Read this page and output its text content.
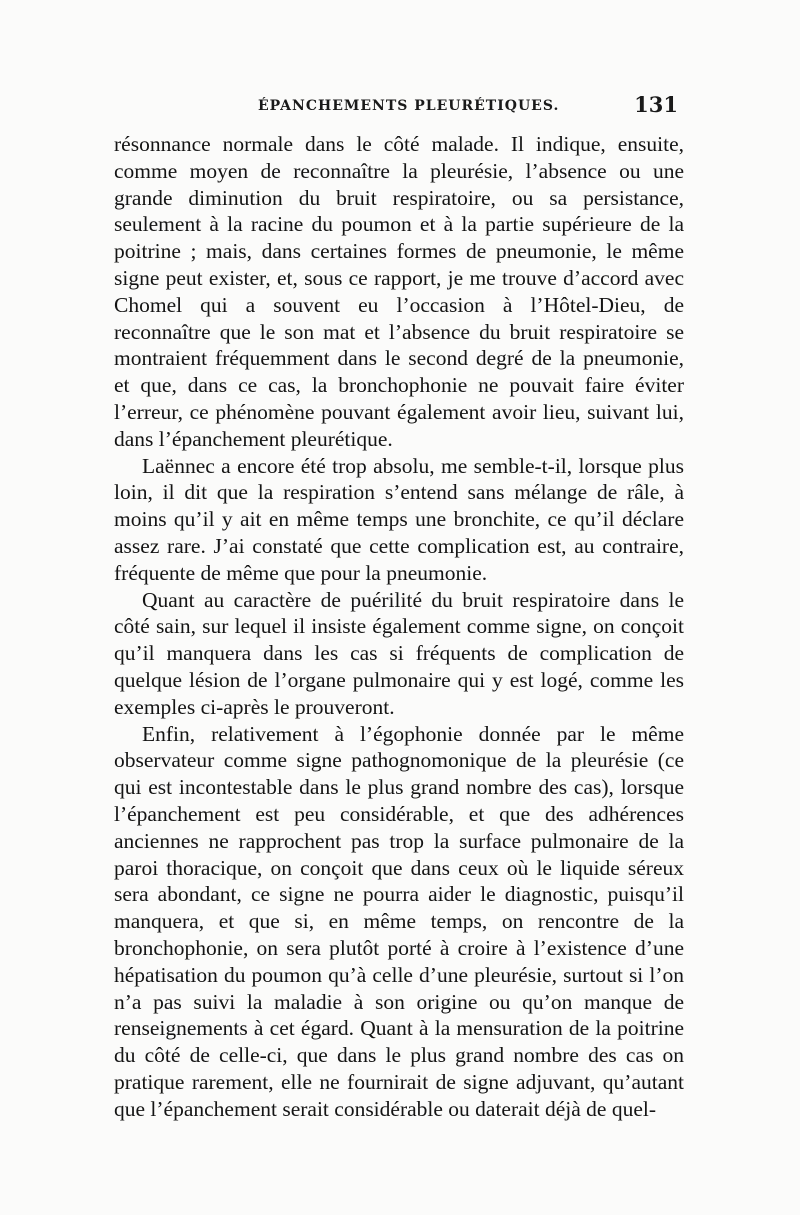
ÉPANCHEMENTS PLEURÉTIQUES.	131

résonnance normale dans le côté malade. Il indique, ensuite, comme moyen de reconnaître la pleurésie, l’absence ou une grande diminution du bruit respiratoire, ou sa persistance, seulement à la racine du poumon et à la partie supérieure de la poitrine ; mais, dans certaines formes de pneumonie, le même signe peut exister, et, sous ce rapport, je me trouve d’accord avec Chomel qui a souvent eu l’occasion à l’Hôtel-Dieu, de reconnaître que le son mat et l’absence du bruit respiratoire se montraient fréquemment dans le second degré de la pneumonie, et que, dans ce cas, la bronchophonie ne pouvait faire éviter l’erreur, ce phénomène pouvant également avoir lieu, suivant lui, dans l’épanchement pleurétique.

Laënnec a encore été trop absolu, me semble-t-il, lorsque plus loin, il dit que la respiration s’entend sans mélange de râle, à moins qu’il y ait en même temps une bronchite, ce qu’il déclare assez rare. J’ai constaté que cette complication est, au contraire, fréquente de même que pour la pneumonie.

Quant au caractère de puérilité du bruit respiratoire dans le côté sain, sur lequel il insiste également comme signe, on conçoit qu’il manquera dans les cas si fréquents de complication de quelque lésion de l’organe pulmonaire qui y est logé, comme les exemples ci-après le prouveront.

Enfin, relativement à l’égophonie donnée par le même observateur comme signe pathognomonique de la pleurésie (ce qui est incontestable dans le plus grand nombre des cas), lorsque l’épanchement est peu considérable, et que des adhérences anciennes ne rapprochent pas trop la surface pulmonaire de la paroi thoracique, on conçoit que dans ceux où le liquide séreux sera abondant, ce signe ne pourra aider le diagnostic, puisqu’il manquera, et que si, en même temps, on rencontre de la bronchophonie, on sera plutôt porté à croire à l’existence d’une hépatisation du poumon qu’à celle d’une pleurésie, surtout si l’on n’a pas suivi la maladie à son origine ou qu’on manque de renseignements à cet égard. Quant à la mensuration de la poitrine du côté de celle-ci, que dans le plus grand nombre des cas on pratique rarement, elle ne fournirait de signe adjuvant, qu’autant que l’épanchement serait considérable ou daterait déjà de quel-
